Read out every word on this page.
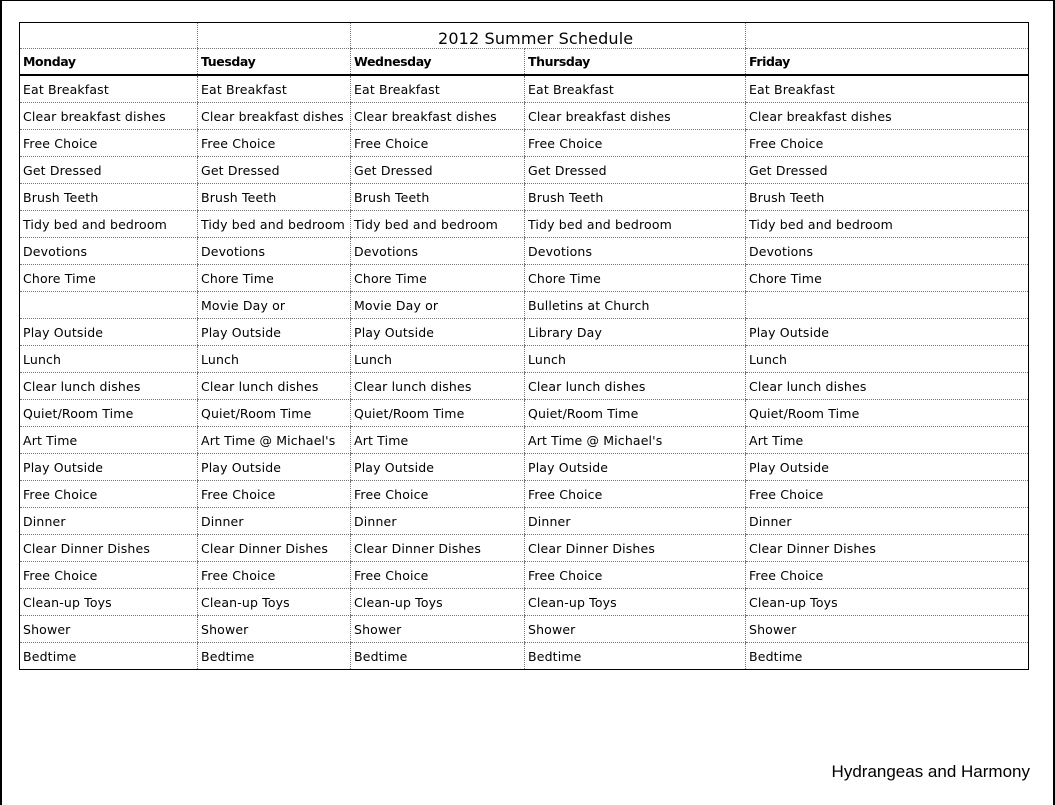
		2012 Summer Schedule		
Monday	Tuesday	Wednesday	Thursday	Friday
Eat Breakfast	Eat Breakfast	Eat Breakfast	Eat Breakfast	Eat Breakfast
Clear breakfast dishes	Clear breakfast dishes	Clear breakfast dishes	Clear breakfast dishes	Clear breakfast dishes
Free Choice	Free Choice	Free Choice	Free Choice	Free Choice
Get Dressed	Get Dressed	Get Dressed	Get Dressed	Get Dressed
Brush Teeth	Brush Teeth	Brush Teeth	Brush Teeth	Brush Teeth
Tidy bed and bedroom	Tidy bed and bedroom	Tidy bed and bedroom	Tidy bed and bedroom	Tidy bed and bedroom
Devotions	Devotions	Devotions	Devotions	Devotions
Chore Time	Chore Time	Chore Time	Chore Time	Chore Time
	Movie Day or	Movie Day or	Bulletins at Church	
Play Outside	Play Outside	Play Outside	Library Day	Play Outside
Lunch	Lunch	Lunch	Lunch	Lunch
Clear lunch dishes	Clear lunch dishes	Clear lunch dishes	Clear lunch dishes	Clear lunch dishes
Quiet/Room Time	Quiet/Room Time	Quiet/Room Time	Quiet/Room Time	Quiet/Room Time
Art Time	Art Time @ Michael's	Art Time	Art Time @ Michael's	Art Time
Play Outside	Play Outside	Play Outside	Play Outside	Play Outside
Free Choice	Free Choice	Free Choice	Free Choice	Free Choice
Dinner	Dinner	Dinner	Dinner	Dinner
Clear Dinner Dishes	Clear Dinner Dishes	Clear Dinner Dishes	Clear Dinner Dishes	Clear Dinner Dishes
Free Choice	Free Choice	Free Choice	Free Choice	Free Choice
Clean-up Toys	Clean-up Toys	Clean-up Toys	Clean-up Toys	Clean-up Toys
Shower	Shower	Shower	Shower	Shower
Bedtime	Bedtime	Bedtime	Bedtime	Bedtime
Hydrangeas and Harmony
